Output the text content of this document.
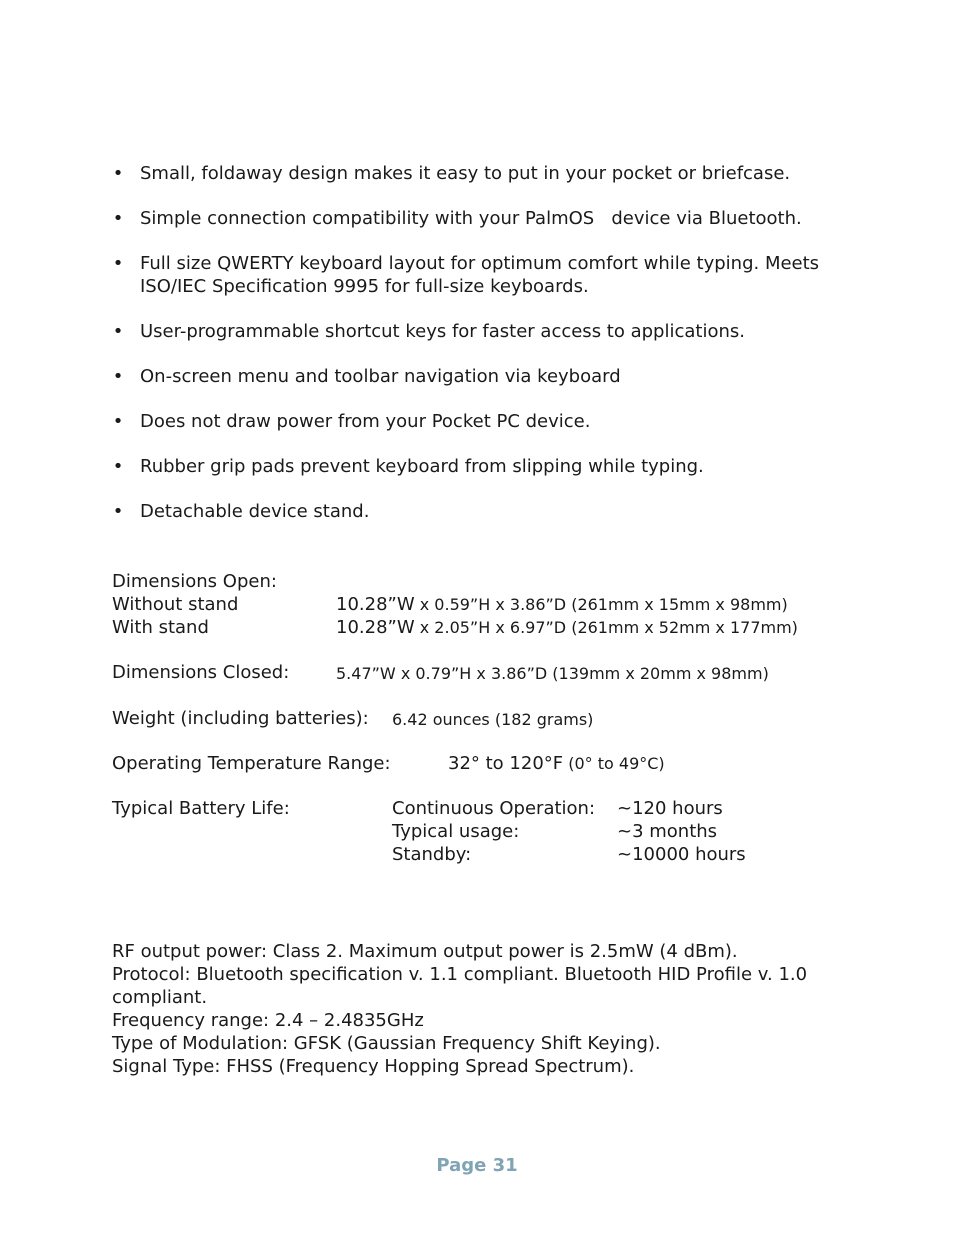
• Small, foldaway design makes it easy to put in your pocket or briefcase.
• Simple connection compatibility with your PalmOS   device via Bluetooth.
• Full size QWERTY keyboard layout for optimum comfort while typing. Meets ISO/IEC Specification 9995 for full-size keyboards.
• User-programmable shortcut keys for faster access to applications.
• On-screen menu and toolbar navigation via keyboard
• Does not draw power from your Pocket PC device.
• Rubber grip pads prevent keyboard from slipping while typing.
• Detachable device stand.
Dimensions Open:
Without stand	10.28”W x 0.59”H x 3.86”D (261mm x 15mm x 98mm)
With stand	10.28”W x 2.05”H x 6.97”D (261mm x 52mm x 177mm)
Dimensions Closed:	5.47”W x 0.79”H x 3.86”D (139mm x 20mm x 98mm)
Weight (including batteries): 6.42 ounces (182 grams)
Operating Temperature Range:	32° to 120°F (0° to 49°C)
Typical Battery Life:	Continuous Operation: ~120 hours
Typical usage:	~3 months
Standby:	~10000 hours
RF output power: Class 2. Maximum output power is 2.5mW (4 dBm).
Protocol: Bluetooth specification v. 1.1 compliant. Bluetooth HID Profile v. 1.0 compliant.
Frequency range: 2.4 – 2.4835GHz
Type of Modulation: GFSK (Gaussian Frequency Shift Keying).
Signal Type: FHSS (Frequency Hopping Spread Spectrum).
Page 31
